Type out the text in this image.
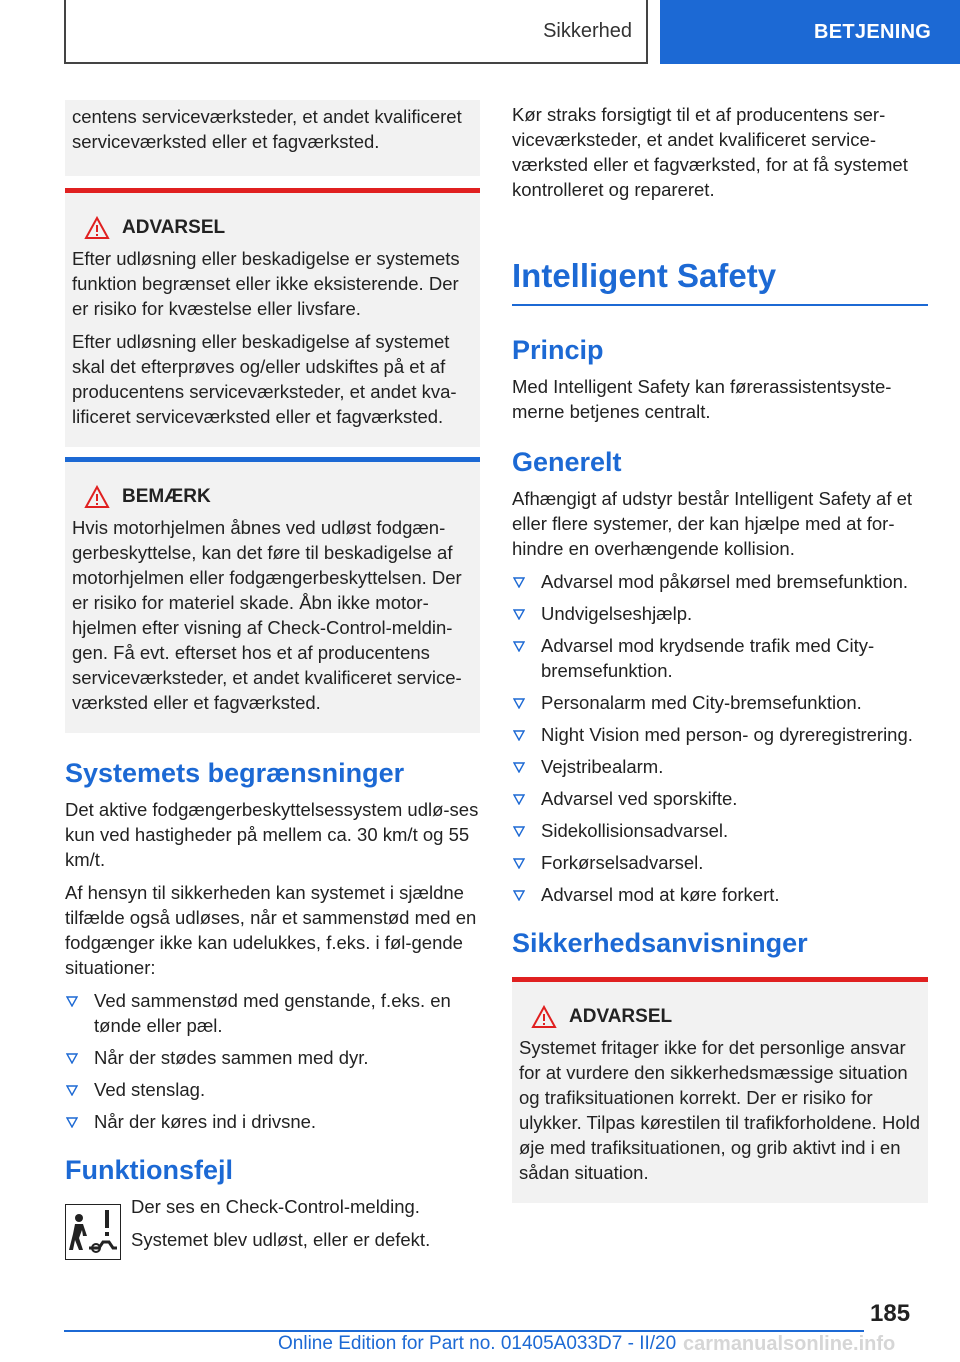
Sikkerhed	BETJENING

centens serviceværksteder, et andet kvalificeret serviceværksted eller et fagværksted.

ADVARSEL

Efter udløsning eller beskadigelse er systemets funktion begrænset eller ikke eksisterende. Der er risiko for kvæstelse eller livsfare.

Efter udløsning eller beskadigelse af systemet skal det efterprøves og/eller udskiftes på et af producentens serviceværksteder, et andet kva-lificeret serviceværksted eller et fagværksted.

BEMÆRK

Hvis motorhjelmen åbnes ved udløst fodgæn-gerbeskyttelse, kan det føre til beskadigelse af motorhjelmen eller fodgængerbeskyttelsen. Der er risiko for materiel skade. Åbn ikke motor-hjelmen efter visning af Check-Control-meldin-gen. Få evt. efterset hos et af producentens serviceværksteder, et andet kvalificeret service-værksted eller et fagværksted.

Systemets begrænsninger

Det aktive fodgængerbeskyttelsessystem udlø-ses kun ved hastigheder på mellem ca. 30 km/t og 55 km/t.

Af hensyn til sikkerheden kan systemet i sjældne tilfælde også udløses, når et sammenstød med en fodgænger ikke kan udelukkes, f.eks. i føl-gende situationer:

Ved sammenstød med genstande, f.eks. en tønde eller pæl.
Når der stødes sammen med dyr.
Ved stenslag.
Når der køres ind i drivsne.
Funktionsfejl

Der ses en Check-Control-melding.

Systemet blev udløst, eller er defekt.

Kør straks forsigtigt til et af producentens ser-viceværksteder, et andet kvalificeret service-værksted eller et fagværksted, for at få systemet kontrolleret og repareret.

Intelligent Safety
Princip

Med Intelligent Safety kan førerassistentsyste-merne betjenes centralt.

Generelt

Afhængigt af udstyr består Intelligent Safety af et eller flere systemer, der kan hjælpe med at for-hindre en overhængende kollision.

Advarsel mod påkørsel med bremsefunktion.
Undvigelseshjælp.
Advarsel mod krydsende trafik med City-bremsefunktion.
Personalarm med City-bremsefunktion.
Night Vision med person- og dyreregistrering.
Vejstribealarm.
Advarsel ved sporskifte.
Sidekollisionsadvarsel.
Forkørselsadvarsel.
Advarsel mod at køre forkert.
Sikkerhedsanvisninger
ADVARSEL

Systemet fritager ikke for det personlige ansvar for at vurdere den sikkerhedsmæssige situation og trafiksituationen korrekt. Der er risiko for ulykker. Tilpas kørestilen til trafikforholdene. Hold øje med trafiksituationen, og grib aktivt ind i en sådan situation.

185
Online Edition for Part no. 01405A033D7 - II/20 carmanualsonline.info
